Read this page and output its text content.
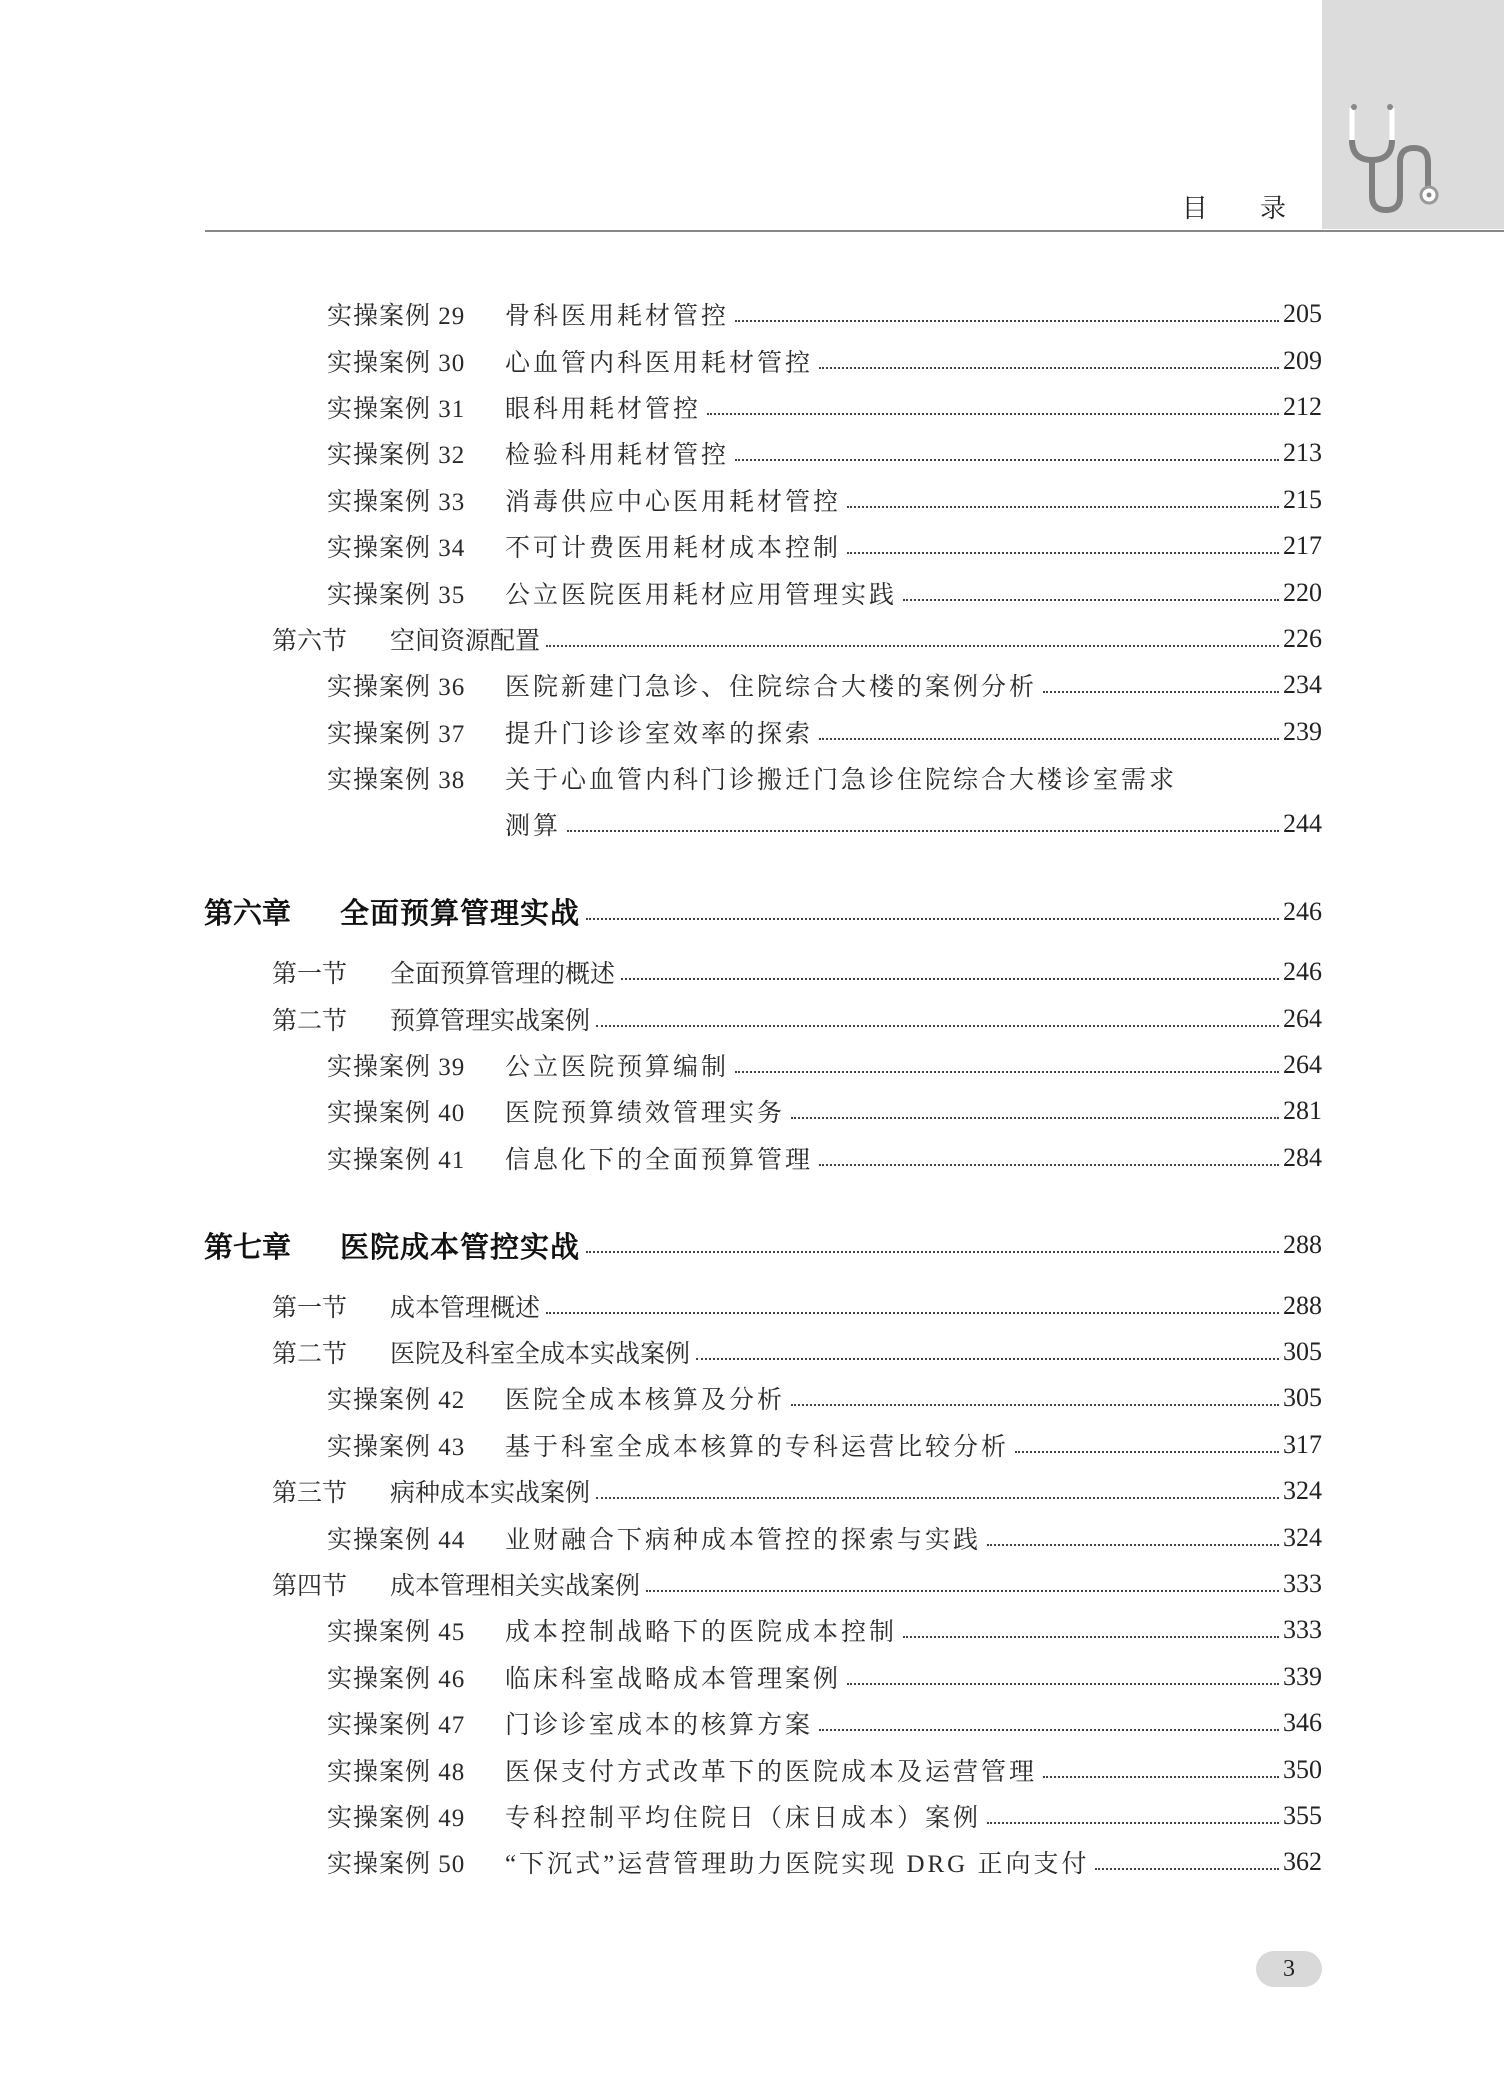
目 录
实操案例 29 骨科医用耗材管控	205
实操案例 30 心血管内科医用耗材管控	209
实操案例 31 眼科用耗材管控	212
实操案例 32 检验科用耗材管控	213
实操案例 33 消毒供应中心医用耗材管控	215
实操案例 34 不可计费医用耗材成本控制	217
实操案例 35 公立医院医用耗材应用管理实践	220
第六节 空间资源配置	226
实操案例 36 医院新建门急诊、住院综合大楼的案例分析	234
实操案例 37 提升门诊诊室效率的探索	239
实操案例 38 关于心血管内科门诊搬迁门急诊住院综合大楼诊室需求
测算	244
第六章 全面预算管理实战	246
第一节 全面预算管理的概述	246
第二节 预算管理实战案例	264
实操案例 39 公立医院预算编制	264
实操案例 40 医院预算绩效管理实务	281
实操案例 41 信息化下的全面预算管理	284
第七章 医院成本管控实战	288
第一节 成本管理概述	288
第二节 医院及科室全成本实战案例	305
实操案例 42 医院全成本核算及分析	305
实操案例 43 基于科室全成本核算的专科运营比较分析	317
第三节 病种成本实战案例	324
实操案例 44 业财融合下病种成本管控的探索与实践	324
第四节 成本管理相关实战案例	333
实操案例 45 成本控制战略下的医院成本控制	333
实操案例 46 临床科室战略成本管理案例	339
实操案例 47 门诊诊室成本的核算方案	346
实操案例 48 医保支付方式改革下的医院成本及运营管理	350
实操案例 49 专科控制平均住院日（床日成本）案例	355
实操案例 50 “下沉式”运营管理助力医院实现 DRG 正向支付	362
3
